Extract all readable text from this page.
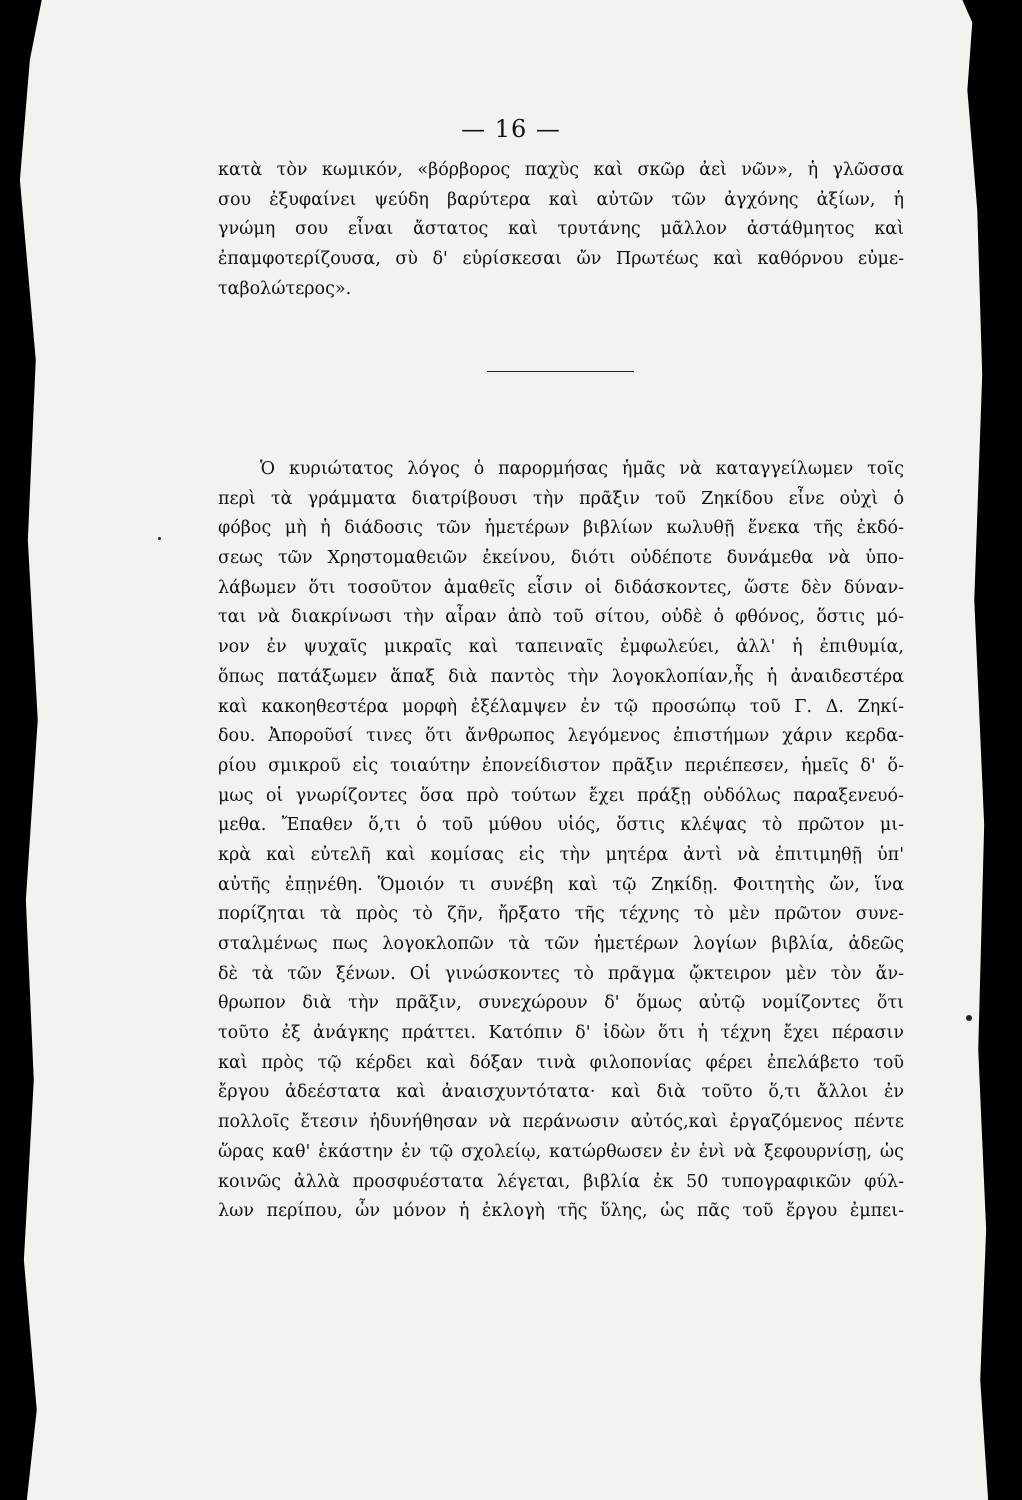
— 16 —
κατὰ τὸν κωμικόν, «βόρβορος παχὺς καὶ σκῶρ ἀεὶ νῶν», ἡ γλῶσσα
σου ἐξυφαίνει ψεύδη βαρύτερα καὶ αὐτῶν τῶν ἀγχόνης ἀξίων, ἡ
γνώμη σου εἶναι ἄστατος καὶ τρυτάνης μᾶλλον ἀστάθμητος καὶ
ἐπαμφοτερίζουσα, σὺ δ' εὑρίσκεσαι ὤν Πρωτέως καὶ καθόρνου εὐμε-
ταβολώτερος».
Ὁ κυριώτατος λόγος ὁ παρορμήσας ἡμᾶς νὰ καταγγείλωμεν τοῖς
περὶ τὰ γράμματα διατρίβουσι τὴν πρᾶξιν τοῦ Ζηκίδου εἶνε οὐχὶ ὁ
φόβος μὴ ἡ διάδοσις τῶν ἡμετέρων βιβλίων κωλυθῇ ἕνεκα τῆς ἐκδό-
σεως τῶν Χρηστομαθειῶν ἐκείνου, διότι οὐδέποτε δυνάμεθα νὰ ὑπο-
λάβωμεν ὅτι τοσοῦτον ἀμαθεῖς εἶσιν οἱ διδάσκοντες, ὥστε δὲν δύναν-
ται νὰ διακρίνωσι τὴν αἶραν ἀπὸ τοῦ σίτου, οὐδὲ ὁ φθόνος, ὅστις μό-
νον ἐν ψυχαῖς μικραῖς καὶ ταπειναῖς ἐμφωλεύει, ἀλλ' ἡ ἐπιθυμία,
ὅπως πατάξωμεν ἅπαξ διὰ παντὸς τὴν λογοκλοπίαν,ἧς ἡ ἀναιδεστέρα
καὶ κακοηθεστέρα μορφὴ ἐξέλαμψεν ἐν τῷ προσώπῳ τοῦ Γ. Δ. Ζηκί-
δου. Ἀποροῦσί τινες ὅτι ἄνθρωπος λεγόμενος ἐπιστήμων χάριν κερδα-
ρίου σμικροῦ εἰς τοιαύτην ἐπονείδιστον πρᾶξιν περιέπεσεν, ἡμεῖς δ' ὅ-
μως οἱ γνωρίζοντες ὅσα πρὸ τούτων ἔχει πράξῃ οὐδόλως παραξενευό-
μεθα. Ἔπαθεν ὅ,τι ὁ τοῦ μύθου υἱός, ὅστις κλέψας τὸ πρῶτον μι-
κρὰ καὶ εὐτελῆ καὶ κομίσας εἰς τὴν μητέρα ἀντὶ νὰ ἐπιτιμηθῇ ὑπ'
αὐτῆς ἐπῃνέθη. Ὅμοιόν τι συνέβη καὶ τῷ Ζηκίδῃ. Φοιτητὴς ὤν, ἵνα
πορίζηται τὰ πρὸς τὸ ζῆν, ἤρξατο τῆς τέχνης τὸ μὲν πρῶτον συνε-
σταλμένως πως λογοκλοπῶν τὰ τῶν ἡμετέρων λογίων βιβλία, ἀδεῶς
δὲ τὰ τῶν ξένων. Οἱ γινώσκοντες τὸ πρᾶγμα ᾤκτειρον μὲν τὸν ἄν-
θρωπον διὰ τὴν πρᾶξιν, συνεχώρουν δ' ὅμως αὐτῷ νομίζοντες ὅτι
τοῦτο ἐξ ἀνάγκης πράττει. Κατόπιν δ' ἰδὼν ὅτι ἡ τέχνη ἔχει πέρασιν
καὶ πρὸς τῷ κέρδει καὶ δόξαν τινὰ φιλοπονίας φέρει ἐπελάβετο τοῦ
ἔργου ἀδεέστατα καὶ ἀναισχυντότατα· καὶ διὰ τοῦτο ὅ,τι ἄλλοι ἐν
πολλοῖς ἔτεσιν ἠδυνήθησαν νὰ περάνωσιν αὐτός,καὶ ἐργαζόμενος πέντε
ὥρας καθ' ἑκάστην ἐν τῷ σχολείῳ, κατώρθωσεν ἐν ἑνὶ νὰ ξεφουρνίσῃ, ὡς
κοινῶς ἀλλὰ προσφυέστατα λέγεται, βιβλία ἐκ 50 τυπογραφικῶν φύλ-
λων περίπου, ὧν μόνον ἡ ἐκλογὴ τῆς ὕλης, ὡς πᾶς τοῦ ἔργου ἐμπει-
